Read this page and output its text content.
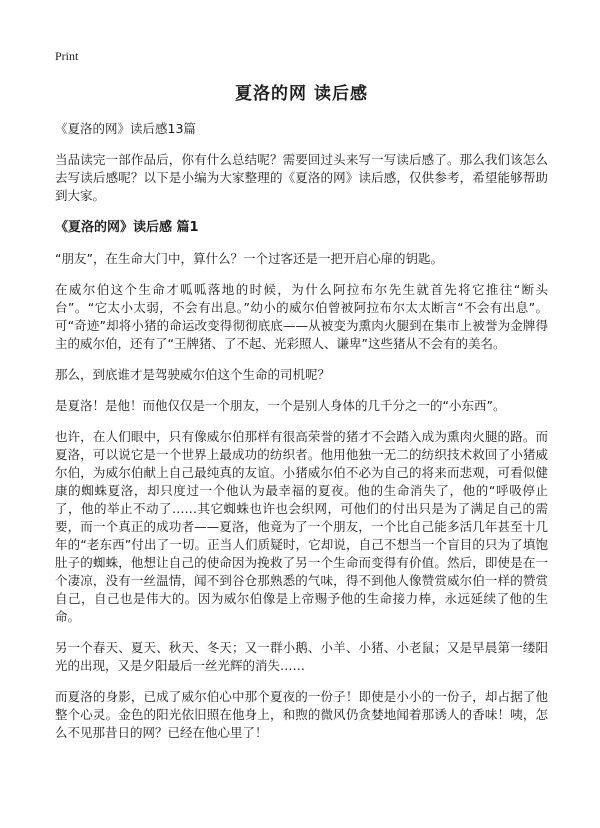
Print
夏洛的网 读后感
《夏洛的网》读后感13篇

当品读完一部作品后，你有什么总结呢？需要回过头来写一写读后感了。那么我们该怎么去写读后感呢？以下是小编为大家整理的《夏洛的网》读后感，仅供参考，希望能够帮助到大家。

《夏洛的网》读后感 篇1

“朋友”，在生命大门中，算什么？一个过客还是一把开启心扉的钥匙。

在威尔伯这个生命才呱呱落地的时候，为什么阿拉布尔先生就首先将它推往“断头台”。“它太小太弱，不会有出息。”幼小的威尔伯曾被阿拉布尔太太断言“不会有出息”。可“奇迹”却将小猪的命运改变得彻彻底底——从被变为熏肉火腿到在集市上被誉为金牌得主的威尔伯，还有了“王牌猪、了不起、光彩照人、谦卑”这些猪从不会有的美名。

那么，到底谁才是驾驶威尔伯这个生命的司机呢？

是夏洛！是他！而他仅仅是一个朋友，一个是别人身体的几千分之一的“小东西”。

也许，在人们眼中，只有像威尔伯那样有很高荣誉的猪才不会踏入成为熏肉火腿的路。而夏洛，可以说它是一个世界上最成功的纺织者。他用他独一无二的纺织技术救回了小猪威尔伯，为威尔伯献上自己最纯真的友谊。小猪威尔伯不必为自己的将来而悲观，可看似健康的蜘蛛夏洛，却只度过一个他认为最幸福的夏夜。他的生命消失了，他的“呼吸停止了，他的举止不动了……其它蜘蛛也许也会织网，可他们的付出只是为了满足自己的需要，而一个真正的成功者——夏洛，他竟为了一个朋友，一个比自己能多活几年甚至十几年的“老东西”付出了一切。正当人们质疑时，它却说，自己不想当一个盲目的只为了填饱肚子的蜘蛛，他想让自己的使命因为挽救了另一个生命而变得有价值。然后，即使是在一个凄凉，没有一丝温情，闻不到谷仓那熟悉的气味，得不到他人像赞赏威尔伯一样的赞赏自己，自己也是伟大的。因为威尔伯像是上帝赐予他的生命接力棒，永远延续了他的生命。

另一个春天、夏天、秋天、冬天；又一群小鹅、小羊、小猪、小老鼠；又是早晨第一缕阳光的出现，又是夕阳最后一丝光辉的消失……

而夏洛的身影，已成了威尔伯心中那个夏夜的一份子！即使是小小的一份子，却占据了他整个心灵。金色的阳光依旧照在他身上，和煦的微风仍贪婪地闻着那诱人的香味！咦，怎么不见那昔日的网？已经在他心里了！
